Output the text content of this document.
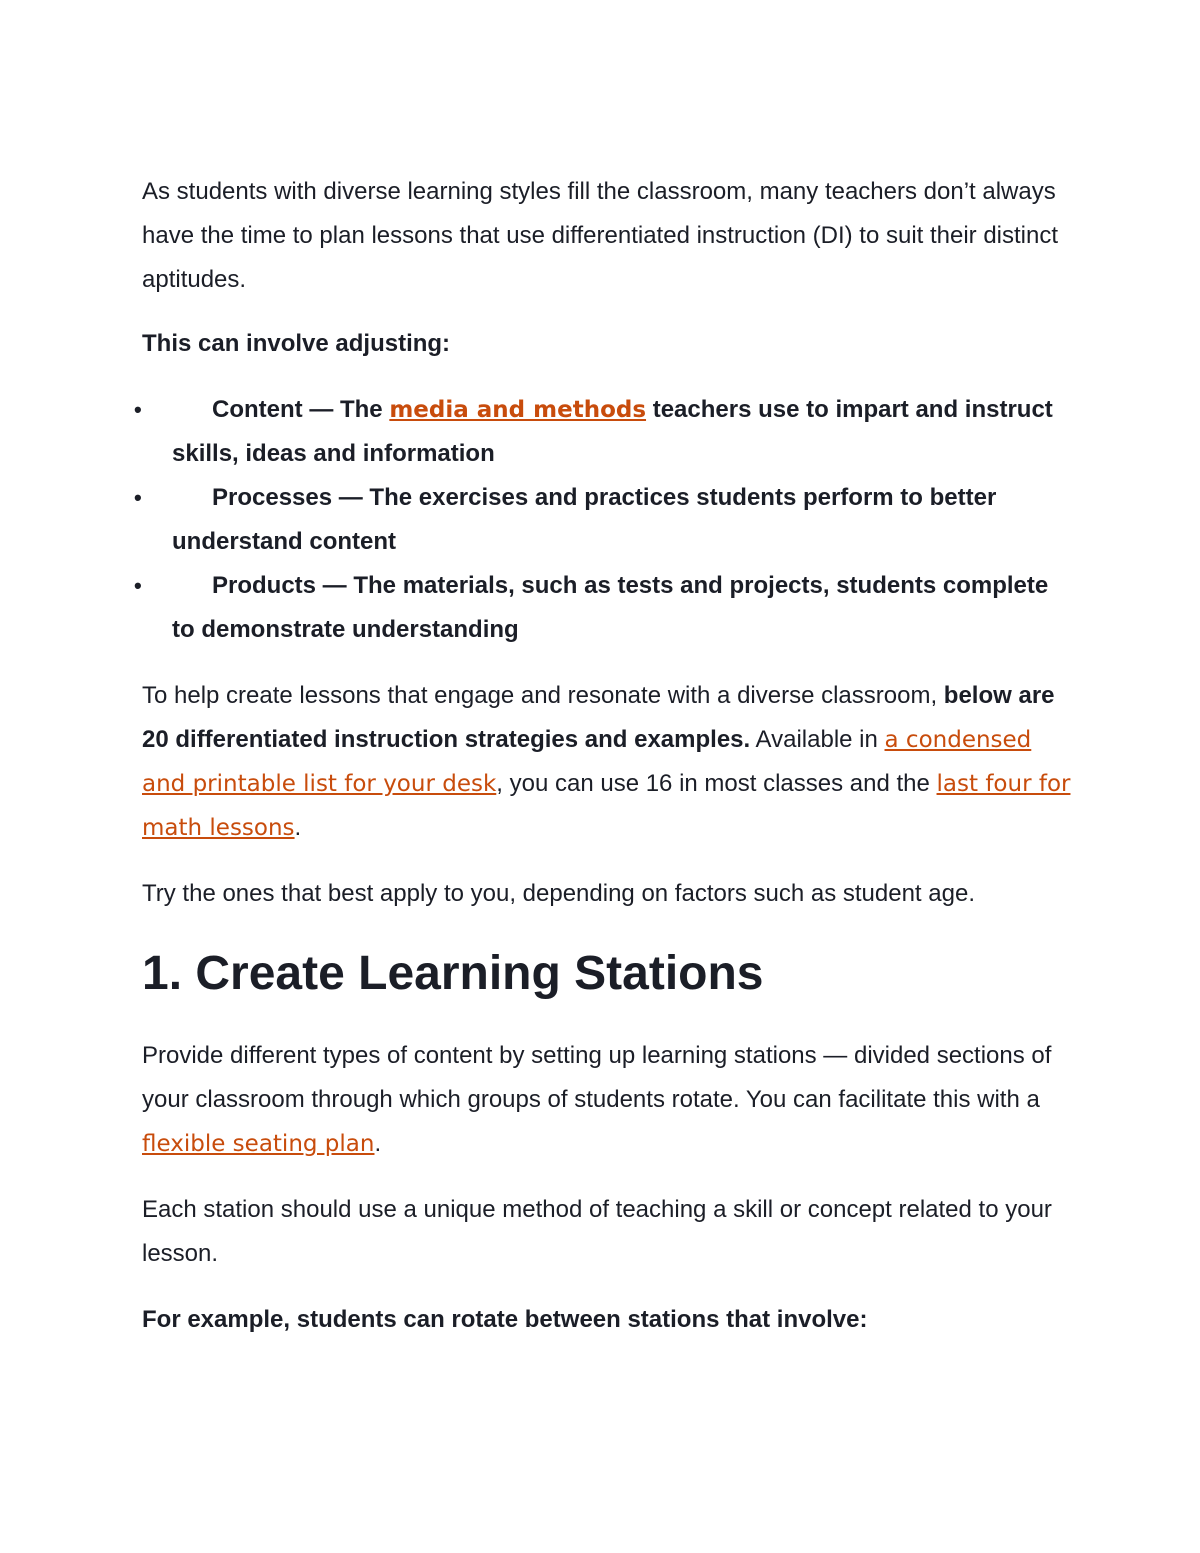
As students with diverse learning styles fill the classroom, many teachers don’t always have the time to plan lessons that use differentiated instruction (DI) to suit their distinct aptitudes.

This can involve adjusting:

•	Content — The media and methods teachers use to impart and instruct skills, ideas and information
•	Processes — The exercises and practices students perform to better understand content
•	Products — The materials, such as tests and projects, students complete to demonstrate understanding

To help create lessons that engage and resonate with a diverse classroom, below are 20 differentiated instruction strategies and examples. Available in a condensed and printable list for your desk, you can use 16 in most classes and the last four for math lessons.

Try the ones that best apply to you, depending on factors such as student age.

1. Create Learning Stations

Provide different types of content by setting up learning stations — divided sections of your classroom through which groups of students rotate. You can facilitate this with a flexible seating plan.

Each station should use a unique method of teaching a skill or concept related to your lesson.

For example, students can rotate between stations that involve:
